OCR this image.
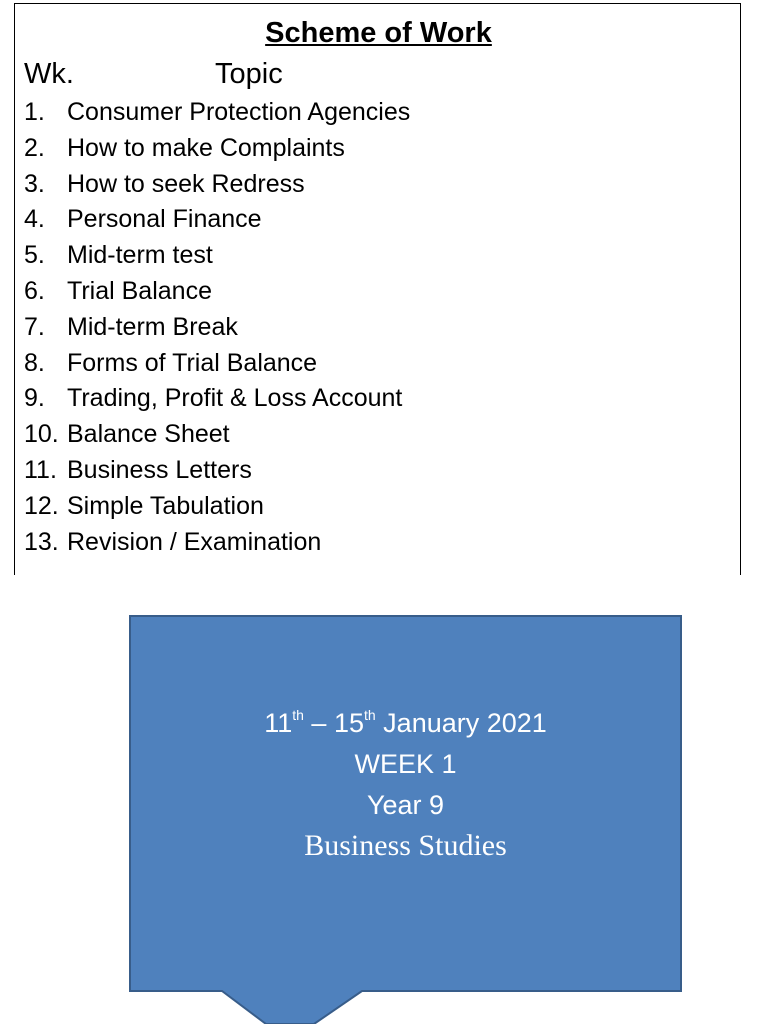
Scheme of Work
Wk.	Topic
1. Consumer Protection Agencies
2. How to make Complaints
3. How to seek Redress
4. Personal Finance
5. Mid-term test
6. Trial Balance
7. Mid-term Break
8. Forms of Trial Balance
9. Trading, Profit & Loss Account
10. Balance Sheet
11. Business Letters
12. Simple Tabulation
13. Revision / Examination
11th – 15th January 2021
WEEK 1
Year 9
Business Studies
